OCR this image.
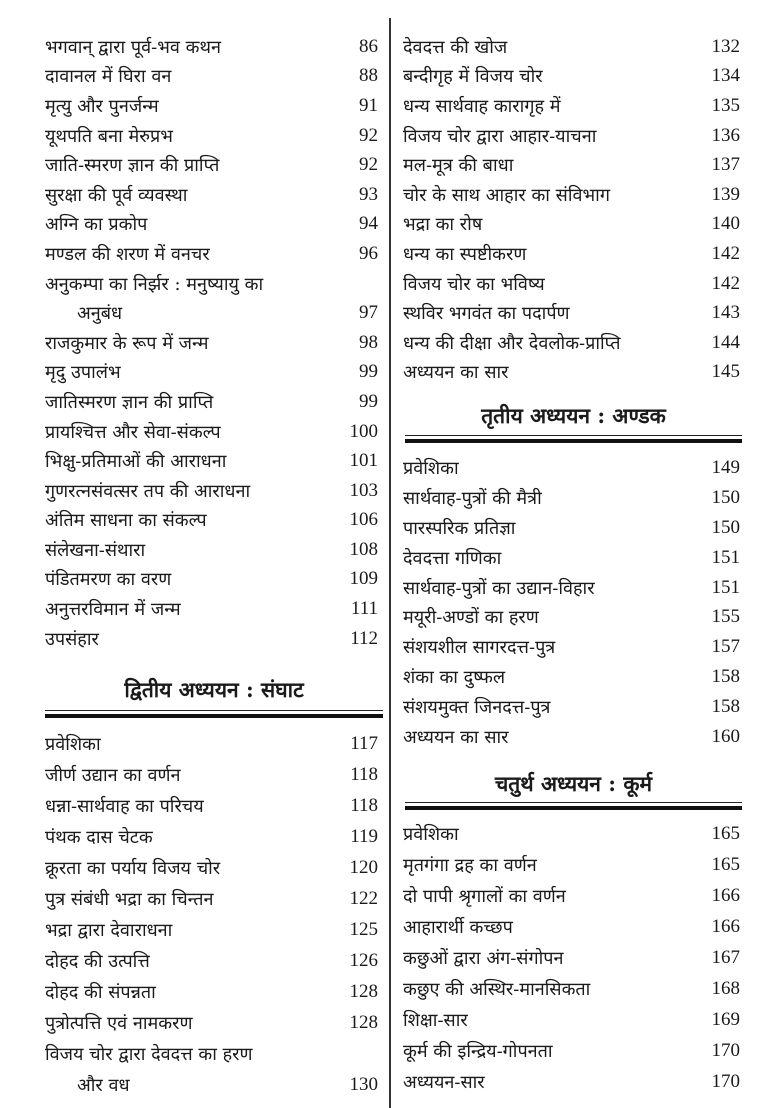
भगवान् द्वारा पूर्व-भव कथन	86
दावानल में घिरा वन	88
मृत्यु और पुनर्जन्म	91
यूथपति बना मेरुप्रभ	92
जाति-स्मरण ज्ञान की प्राप्ति	92
सुरक्षा की पूर्व व्यवस्था	93
अग्नि का प्रकोप	94
मण्डल की शरण में वनचर	96
अनुकम्पा का निर्झर : मनुष्यायु का
अनुबंध	97
राजकुमार के रूप में जन्म	98
मृदु उपालंभ	99
जातिस्मरण ज्ञान की प्राप्ति	99
प्रायश्चित्त और सेवा-संकल्प	100
भिक्षु-प्रतिमाओं की आराधना	101
गुणरत्नसंवत्सर तप की आराधना	103
अंतिम साधना का संकल्प	106
संलेखना-संथारा	108
पंडितमरण का वरण	109
अनुत्तरविमान में जन्म	111
उपसंहार	112
द्वितीय अध्ययन : संघाट
प्रवेशिका	117
जीर्ण उद्यान का वर्णन	118
धन्ना-सार्थवाह का परिचय	118
पंथक दास चेटक	119
क्रूरता का पर्याय विजय चोर	120
पुत्र संबंधी भद्रा का चिन्तन	122
भद्रा द्वारा देवाराधना	125
दोहद की उत्पत्ति	126
दोहद की संपन्नता	128
पुत्रोत्पत्ति एवं नामकरण	128
विजय चोर द्वारा देवदत्त का हरण
और वध	130
देवदत्त की खोज	132
बन्दीगृह में विजय चोर	134
धन्य सार्थवाह कारागृह में	135
विजय चोर द्वारा आहार-याचना	136
मल-मूत्र की बाधा	137
चोर के साथ आहार का संविभाग	139
भद्रा का रोष	140
धन्य का स्पष्टीकरण	142
विजय चोर का भविष्य	142
स्थविर भगवंत का पदार्पण	143
धन्य की दीक्षा और देवलोक-प्राप्ति	144
अध्ययन का सार	145
तृतीय अध्ययन : अण्डक
प्रवेशिका	149
सार्थवाह-पुत्रों की मैत्री	150
पारस्परिक प्रतिज्ञा	150
देवदत्ता गणिका	151
सार्थवाह-पुत्रों का उद्यान-विहार	151
मयूरी-अण्डों का हरण	155
संशयशील सागरदत्त-पुत्र	157
शंका का दुष्फल	158
संशयमुक्त जिनदत्त-पुत्र	158
अध्ययन का सार	160
चतुर्थ अध्ययन : कूर्म
प्रवेशिका	165
मृतगंगा द्रह का वर्णन	165
दो पापी श्रृगालों का वर्णन	166
आहारार्थी कच्छप	166
कछुओं द्वारा अंग-संगोपन	167
कछुए की अस्थिर-मानसिकता	168
शिक्षा-सार	169
कूर्म की इन्द्रिय-गोपनता	170
अध्ययन-सार	170
